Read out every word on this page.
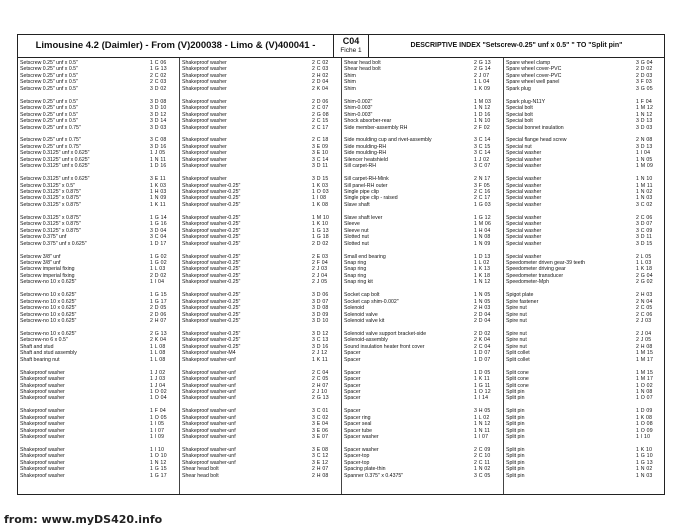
Limousine 4.2 (Daimler) - From (V)200038 - Limo & (V)400041 -	C04
Fiche 1
DESCRIPTIVE INDEX "Setscrew-0.25" unf x 0.5" " TO "Split pin"
Setscrew 0.25" unf x 0.5"	1 C 06
Setscrew 0.25" unf x 0.5"	1 G 13
Setscrew 0.25" unf x 0.5"	2 C 02
Setscrew 0.25" unf x 0.5"	2 C 03
Setscrew 0.25" unf x 0.5"	3 D 02
Setscrew 0.25" unf x 0.5"	3 D 08
Setscrew 0.25" unf x 0.5"	3 D 10
Setscrew 0.25" unf x 0.5"	3 D 12
Setscrew 0.25" unf x 0.5"	3 D 14
Setscrew 0.25" unf x 0.75"	3 D 03
Setscrew 0.25" unf x 0.75"	3 C 08
Setscrew 0.25" unf x 0.75"	3 D 16
Setscrew 0.3125" unf x 0.625"	1 J 05
Setscrew 0.3125" unf x 0.625"	1 N 11
Setscrew 0.3125" unf x 0.625"	1 D 16
Setscrew 0.3125" unf x 0.625"	3 E 11
Setscrew 0.3125" x 0.5"	1 K 03
Setscrew 0.3125" x 0.875"	1 H 03
Setscrew 0.3125" x 0.875"	1 N 09
Setscrew 0.3125" x 0.875"	1 K 11
Setscrew 0.3125" x 0.875"	1 G 14
Setscrew 0.3125" x 0.875"	1 G 16
Setscrew 0.3125" x 0.875"	3 D 04
Setscrew 0.375" unf	3 C 04
Setscrew 0.375" unf x 0.625"	1 D 17
Setscrew 3/8" unf	1 G 02
Setscrew 3/8" unf	1 G 02
Setscrew imperial fixing	1 L 03
Setscrew imperial fixing	2 D 02
Setscrew-no 10 x 0.625"	1 I 04
Setscrew-no 10 x 0.625"	1 G 15
Setscrew-no 10 x 0.625"	1 G 17
Setscrew-no 10 x 0.625"	2 D 05
Setscrew-no 10 x 0.625"	2 D 06
Setscrew-no 10 x 0.625"	2 H 07
Setscrew-no 10 x 0.625"	2 G 13
Setscrew-no 6 x 0.5"	2 K 04
Shaft and stud	1 L 08
Shaft and stud assembly	1 L 08
Shaft bearing nut	1 L 08
Shakeproof washer	1 J 02
Shakeproof washer	1 J 03
Shakeproof washer	1 J 04
Shakeproof washer	1 O 02
Shakeproof washer	1 O 04
Shakeproof washer	1 F 04
Shakeproof washer	1 O 05
Shakeproof washer	1 I 05
Shakeproof washer	1 I 07
Shakeproof washer	1 I 09
Shakeproof washer	1 I 10
Shakeproof washer	1 O 10
Shakeproof washer	1 N 12
Shakeproof washer	1 G 15
Shakeproof washer	1 G 17
Shakeproof washer	2 C 02
Shakeproof washer	2 C 03
Shakeproof washer	2 H 02
Shakeproof washer	2 D 04
Shakeproof washer	2 K 04
Shakeproof washer	2 D 06
Shakeproof washer	2 C 07
Shakeproof washer	2 G 08
Shakeproof washer	2 C 15
Shakeproof washer	2 C 17
Shakeproof washer	2 C 18
Shakeproof washer	3 E 09
Shakeproof washer	3 E 10
Shakeproof washer	3 C 14
Shakeproof washer	3 D 11
Shakeproof washer	3 D 15
Shakeproof washer-0.25"	1 K 03
Shakeproof washer-0.25"	1 O 03
Shakeproof washer-0.25"	1 I 08
Shakeproof washer-0.25"	1 K 08
Shakeproof washer-0.25"	1 M 10
Shakeproof washer-0.25"	1 K 10
Shakeproof washer-0.25"	1 G 13
Shakeproof washer-0.25"	1 G 18
Shakeproof washer-0.25"	2 D 02
Shakeproof washer-0.25"	2 E 03
Shakeproof washer-0.25"	2 F 04
Shakeproof washer-0.25"	2 J 03
Shakeproof washer-0.25"	2 J 04
Shakeproof washer-0.25"	2 J 05
Shakeproof washer-0.25"	3 D 06
Shakeproof washer-0.25"	3 D 07
Shakeproof washer-0.25"	3 D 08
Shakeproof washer-0.25"	3 D 09
Shakeproof washer-0.25"	3 D 10
Shakeproof washer-0.25"	3 D 12
Shakeproof washer-0.25"	3 C 13
Shakeproof washer-0.25"	3 D 16
Shakeproof washer-M4	2 J 12
Shakeproof washer-unf	1 K 11
Shakeproof washer-unf	2 C 04
Shakeproof washer-unf	2 C 05
Shakeproof washer-unf	2 H 07
Shakeproof washer-unf	2 J 10
Shakeproof washer-unf	2 G 13
Shakeproof washer-unf	3 C 01
Shakeproof washer-unf	3 C 02
Shakeproof washer-unf	3 E 04
Shakeproof washer-unf	3 E 06
Shakeproof washer-unf	3 E 07
Shakeproof washer-unf	3 E 08
Shakeproof washer-unf	3 C 12
Shakeproof washer-unf	3 E 12
Shear head bolt	2 H 07
Shear head bolt	2 H 08
Shear head bolt	2 G 13
Shear head bolt	2 G 14
Shim	2 J 07
Shim	1 L 04
Shim	1 K 09
Shim-0.002"	1 M 03
Shim-0.003"	1 N 12
Shim-0.003"	1 D 16
Shock absorber-rear	1 N 10
Side member-assembly RH	2 F 02
Side moulding cup and rivet-assembly	3 C 14
Side moulding-RH	3 C 15
Side moulding-RH	3 C 14
Silencer heatshield	1 J 02
Sill carpet-RH	3 C 07
Sill carpet-RH-Mink	2 N 17
Sill panel-RH outer	3 F 05
Single pipe clip	2 C 16
Single pipe clip - raised	2 C 17
Slave shaft	1 G 03
Slave shaft lever	1 G 12
Sleeve	1 M 06
Sleeve nut	1 H 04
Slotted nut	1 N 08
Slotted nut	1 N 09
Small end bearing	1 D 13
Snap ring	1 L 02
Snap ring	1 K 13
Snap ring	1 K 18
Snap ring kit	1 N 12
Socket cap bolt	1 N 05
Socket cap shim-0.002"	1 N 05
Solenoid	2 H 03
Solenoid valve	2 D 04
Solenoid valve kit	2 D 04
Solenoid valve support bracket-side	2 D 02
Solenoid-assembly	2 K 04
Sound insulation heater front cover	2 C 04
Spacer	1 D 07
Spacer	1 D 07
Spacer	1 D 05
Spacer	1 K 11
Spacer	1 G 11
Spacer	1 O 12
Spacer	1 I 14
Spacer	3 H 05
Spacer ring	1 L 02
Spacer seal	1 N 12
Spacer tube	1 N 11
Spacer washer	1 I 07
Spacer washer	2 C 09
Spacer-top	2 C 10
Spacer-top	2 C 11
Spacing plate-thin	1 N 02
Spanner 0.375" x 0.4375"	3 C 05
Spare wheel clamp	3 G 04
Spare wheel cover-PVC	2 D 02
Spare wheel cover-PVC	2 D 03
Spare wheel well panel	3 F 03
Spark plug	3 G 05
Spark plug-N11Y	1 F 04
Special bolt	1 M 12
Special bolt	1 N 12
Special bolt	3 D 13
Special bonnet insulation	3 D 03
Special flange head screw	2 N 08
Special nut	3 D 13
Special washer	1 I 04
Special washer	1 N 05
Special washer	1 M 09
Special washer	1 N 10
Special washer	1 M 11
Special washer	1 N 02
Special washer	1 N 03
Special washer	3 C 02
Special washer	2 C 06
Special washer	3 D 07
Special washer	3 C 09
Special washer	3 D 11
Special washer	3 D 15
Special washer	2 L 05
Speedometer driven gear-39 teeth	1 L 03
Speedometer driving gear	1 K 18
Speedometer transducer	2 G 04
Speedometer-Mph	2 G 02
Spigot plate	2 H 03
Spire fastener	2 N 04
Spire nut	2 C 05
Spire nut	2 C 06
Spire nut	2 J 03
Spire nut	2 J 04
Spire nut	2 J 05
Spire nut	2 H 08
Split collet	1 M 15
Split collet	1 M 17
Split cone	1 M 15
Split cone	1 M 17
Split cone	1 O 02
Split pin	1 N 08
Split pin	1 O 07
Split pin	1 D 09
Split pin	1 K 08
Split pin	1 O 08
Split pin	1 O 09
Split pin	1 I 10
Split pin	1 K 10
Split pin	1 G 10
Split pin	1 G 13
Split pin	1 N 02
Split pin	1 N 03
from: www.myDS420.info
